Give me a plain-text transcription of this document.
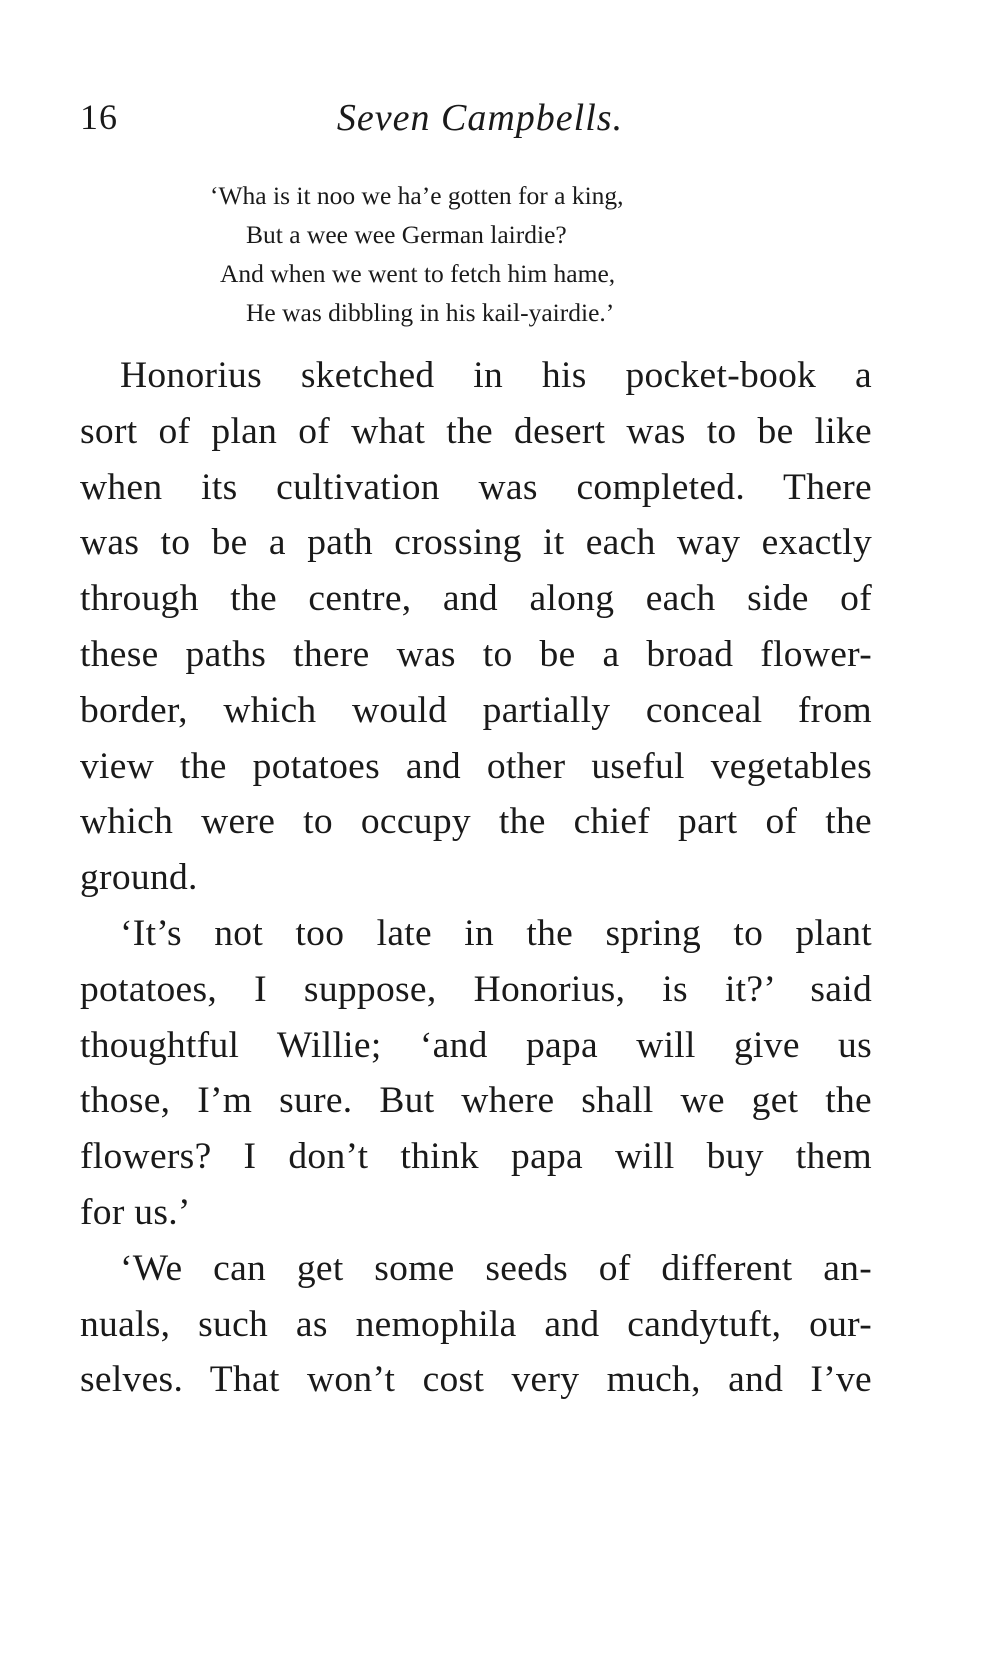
16	Seven Campbells.
‘Wha is it noo we ha’e gotten for a king,
But a wee wee German lairdie?
And when we went to fetch him hame,
He was dibbling in his kail-yairdie.’
Honorius sketched in his pocket-book a
sort of plan of what the desert was to be like
when its cultivation was completed. There
was to be a path crossing it each way exactly
through the centre, and along each side of
these paths there was to be a broad flower-
border, which would partially conceal from
view the potatoes and other useful vegetables
which were to occupy the chief part of the
ground.
‘It’s not too late in the spring to plant
potatoes, I suppose, Honorius, is it?’ said
thoughtful Willie; ‘and papa will give us
those, I’m sure. But where shall we get the
flowers? I don’t think papa will buy them
for us.’
‘We can get some seeds of different an-
nuals, such as nemophila and candytuft, our-
selves. That won’t cost very much, and I’ve
